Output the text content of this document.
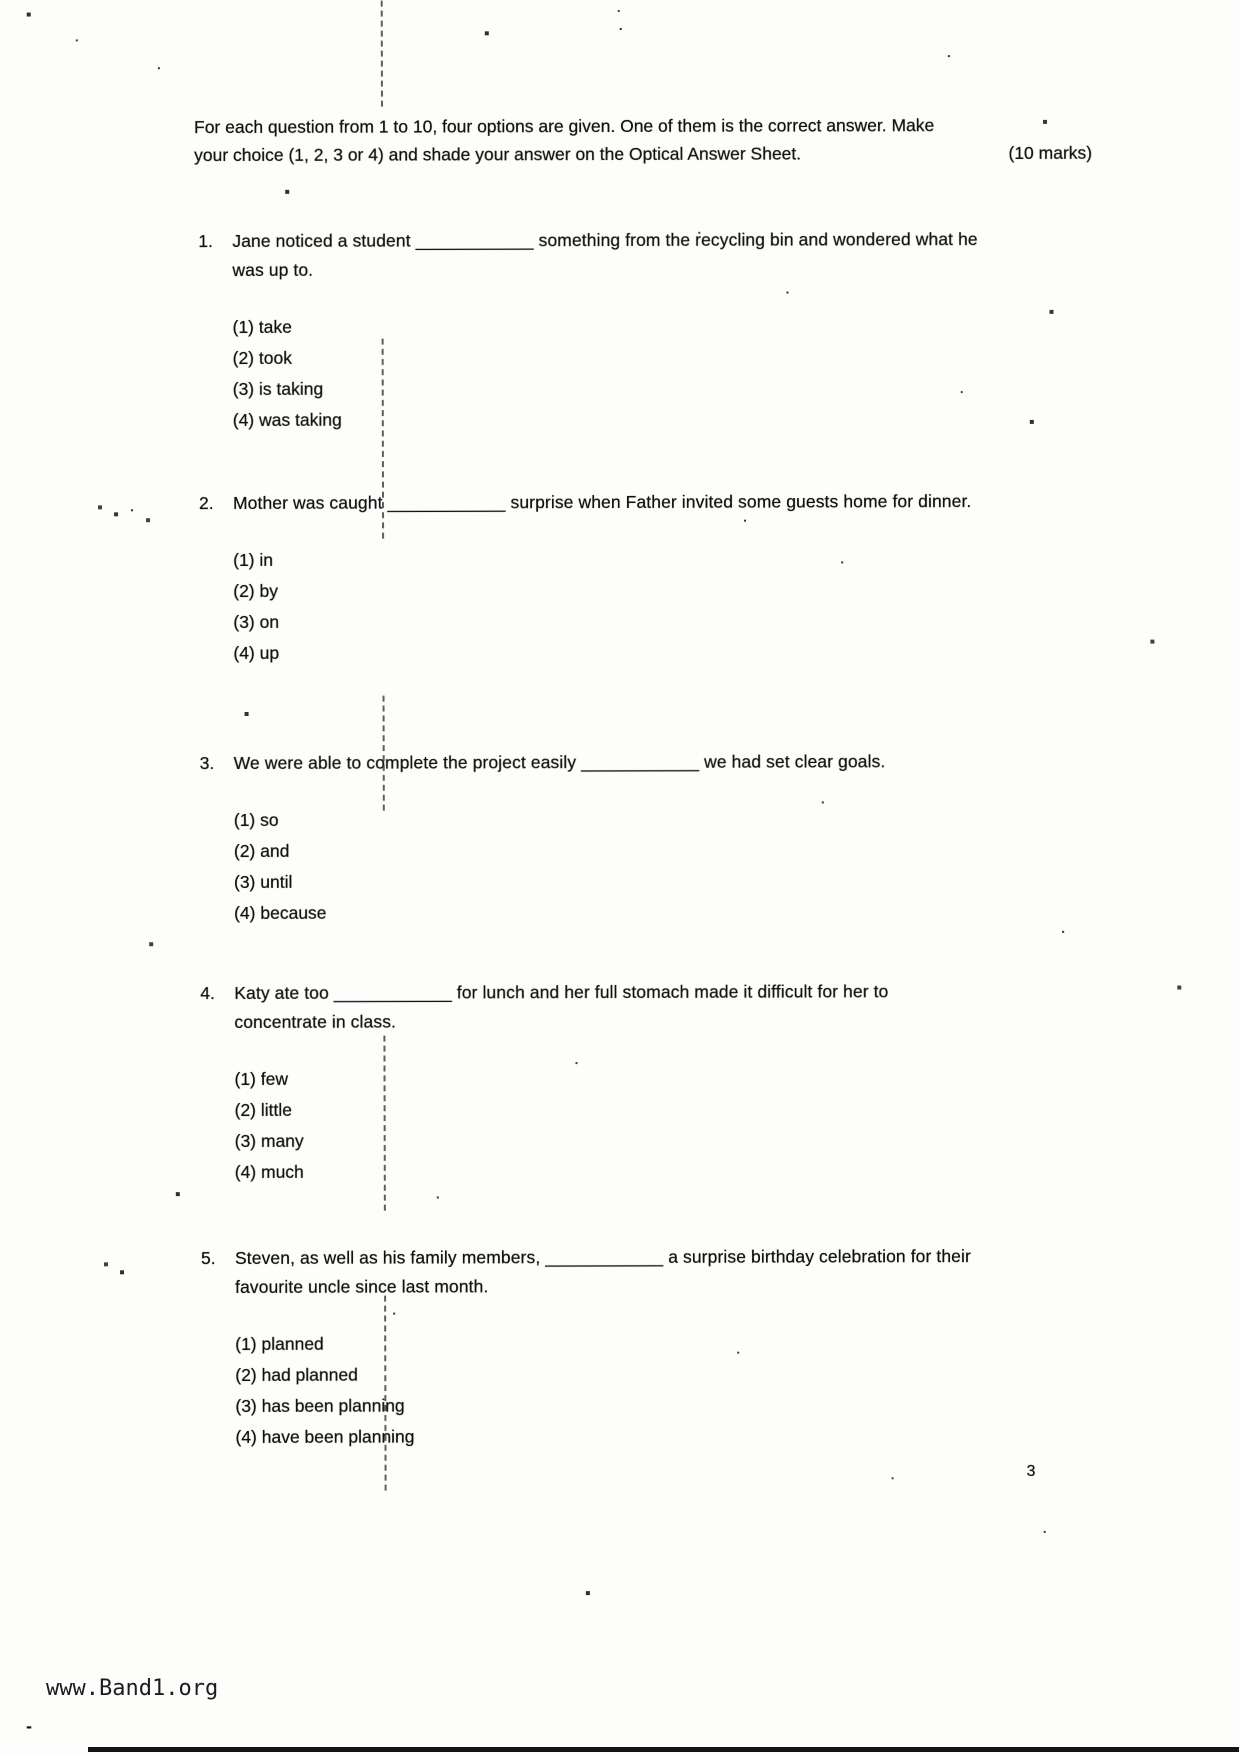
For each question from 1 to 10, four options are given. One of them is the correct answer. Make your choice (1, 2, 3 or 4) and shade your answer on the Optical Answer Sheet.	(10 marks)
1.	Jane noticed a student ____________ something from the recycling bin and wondered what he was up to.
(1) take
(2) took
(3) is taking
(4) was taking
2.	Mother was caught ____________ surprise when Father invited some guests home for dinner.
(1) in
(2) by
(3) on
(4) up
3.	We were able to complete the project easily ____________ we had set clear goals.
(1) so
(2) and
(3) until
(4) because
4.	Katy ate too ____________ for lunch and her full stomach made it difficult for her to concentrate in class.
(1) few
(2) little
(3) many
(4) much
5.	Steven, as well as his family members, ____________ a surprise birthday celebration for their favourite uncle since last month.
(1) planned
(2) had planned
(3) has been planning
(4) have been planning
3
www.Band1.org
-
